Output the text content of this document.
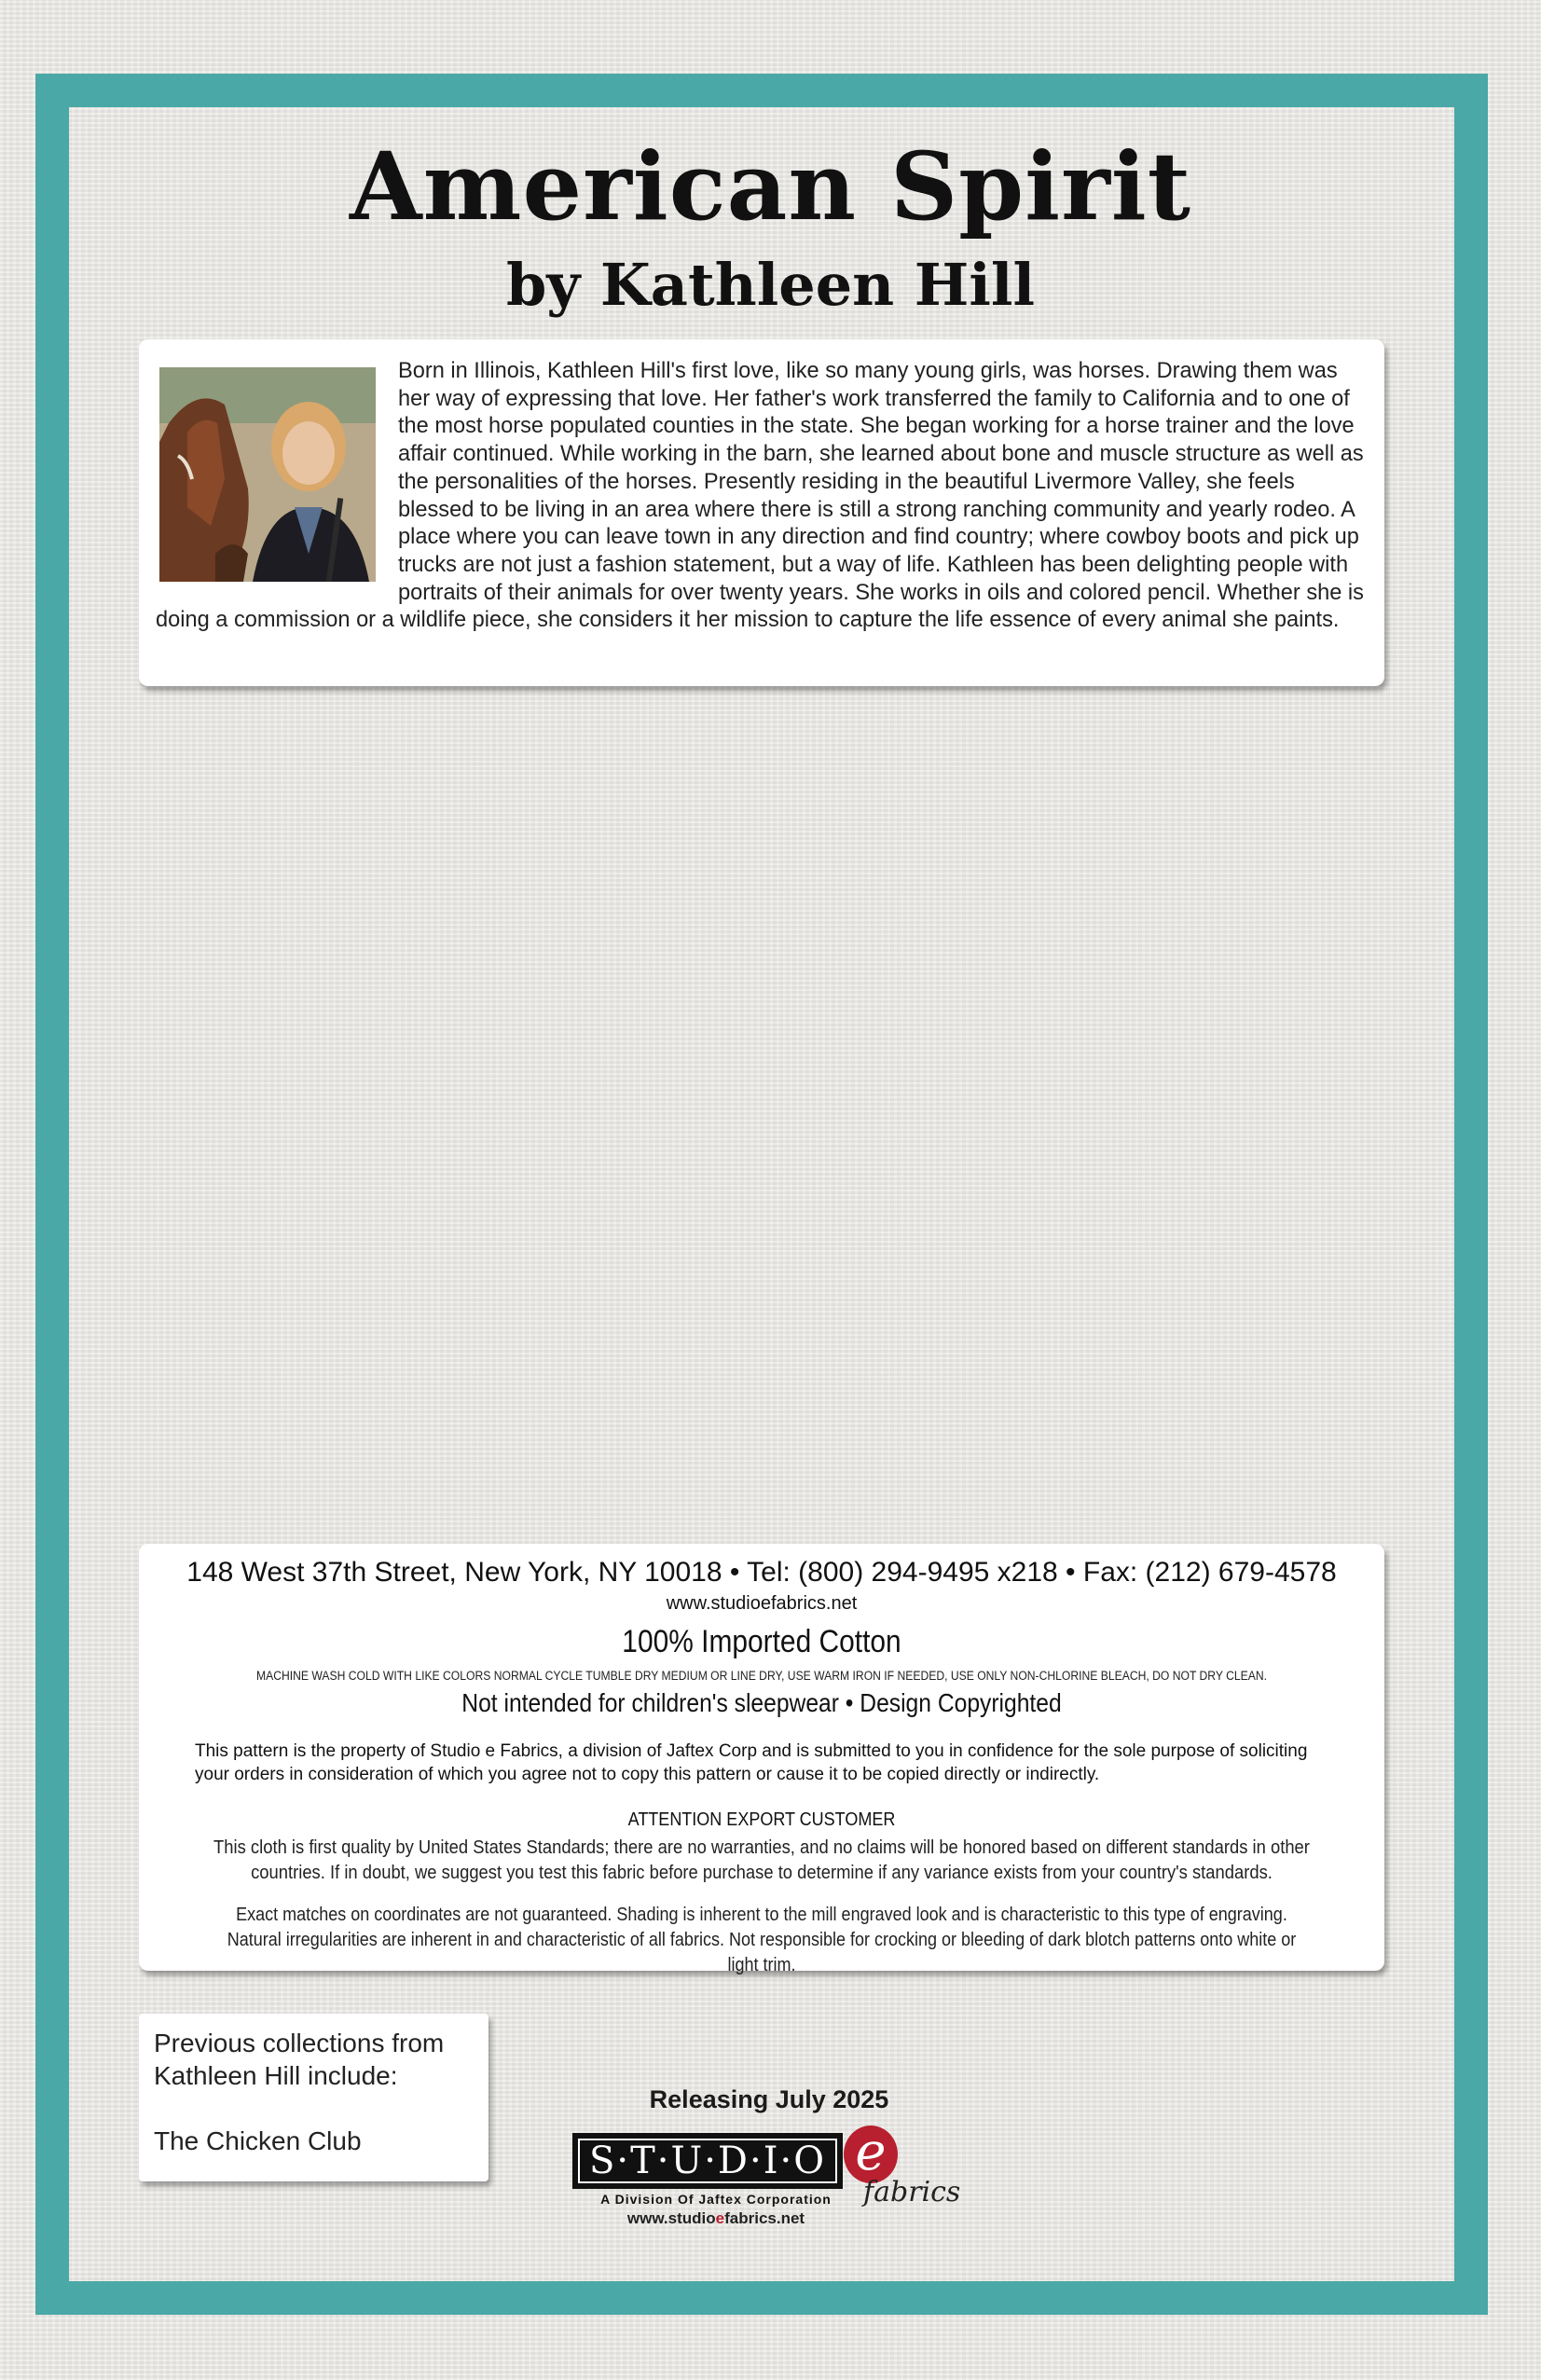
American Spirit
by Kathleen Hill

Born in Illinois, Kathleen Hill's first love, like so many young girls, was horses. Drawing them was her way of expressing that love. Her father's work transferred the family to California and to one of the most horse populated counties in the state. She began working for a horse trainer and the love affair continued. While working in the barn, she learned about bone and muscle structure as well as the personalities of the horses. Presently residing in the beautiful Livermore Valley, she feels blessed to be living in an area where there is still a strong ranching community and yearly rodeo. A place where you can leave town in any direction and find country; where cowboy boots and pick up trucks are not just a fashion statement, but a way of life. Kathleen has been delighting people with portraits of their animals for over twenty years. She works in oils and colored pencil. Whether she is doing a commission or a wildlife piece, she considers it her mission to capture the life essence of every animal she paints.

148 West 37th Street, New York, NY 10018 • Tel: (800) 294-9495 x218 • Fax: (212) 679-4578
www.studioefabrics.net
100% Imported Cotton
MACHINE WASH COLD WITH LIKE COLORS NORMAL CYCLE TUMBLE DRY MEDIUM OR LINE DRY, USE WARM IRON IF NEEDED, USE ONLY NON-CHLORINE BLEACH, DO NOT DRY CLEAN.
Not intended for children's sleepwear • Design Copyrighted
This pattern is the property of Studio e Fabrics, a division of Jaftex Corp and is submitted to you in confidence for the sole purpose of soliciting your orders in consideration of which you agree not to copy this pattern or cause it to be copied directly or indirectly.
ATTENTION EXPORT CUSTOMER
This cloth is first quality by United States Standards; there are no warranties, and no claims will be honored based on different standards in other countries. If in doubt, we suggest you test this fabric before purchase to determine if any variance exists from your country's standards.
Exact matches on coordinates are not guaranteed. Shading is inherent to the mill engraved look and is characteristic to this type of engraving. Natural irregularities are inherent in and characteristic of all fabrics. Not responsible for crocking or bleeding of dark blotch patterns onto white or light trim.
Previous collections from Kathleen Hill include:
The Chicken Club
Releasing July 2025
S·T·U·D·I·O e
fabrics
A Division Of Jaftex Corporation
www.studioefabrics.net
